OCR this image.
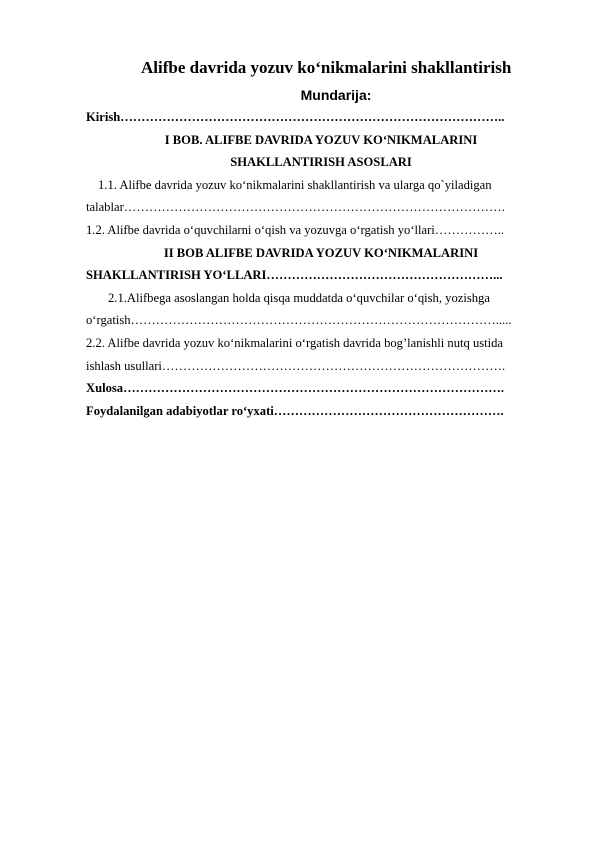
Alifbe davrida yozuv ko‘nikmalarini shakllantirish
Mundarija:
Kirish………………………………………………………………………………..
I BOB. ALIFBE DAVRIDA YOZUV KO‘NIKMALARINI
SHAKLLANTIRISH ASOSLARI
1.1. Alifbe davrida yozuv ko‘nikmalarini shakllantirish va ularga qo`yiladigan
talablar……………………………………………………………………………….
1.2. Alifbe davrida o‘quvchilarni o‘qish va yozuvga o‘rgatish yo‘llari……………..
II BOB ALIFBE DAVRIDA YOZUV KO‘NIKMALARINI
SHAKLLANTIRISH YO‘LLARI………………………………………………...
2.1.Alifbega asoslangan holda qisqa muddatda o‘quvchilar o‘qish, yozishga
o‘rgatish…………………………………………………………………………….....
2.2. Alifbe davrida yozuv ko‘nikmalarini o‘rgatish davrida bog’lanishli nutq ustida
ishlash usullari……………………………………………………………………….
Xulosa……………………………………………………………………………….
Foydalanilgan adabiyotlar ro‘yxati……………………………………………….
